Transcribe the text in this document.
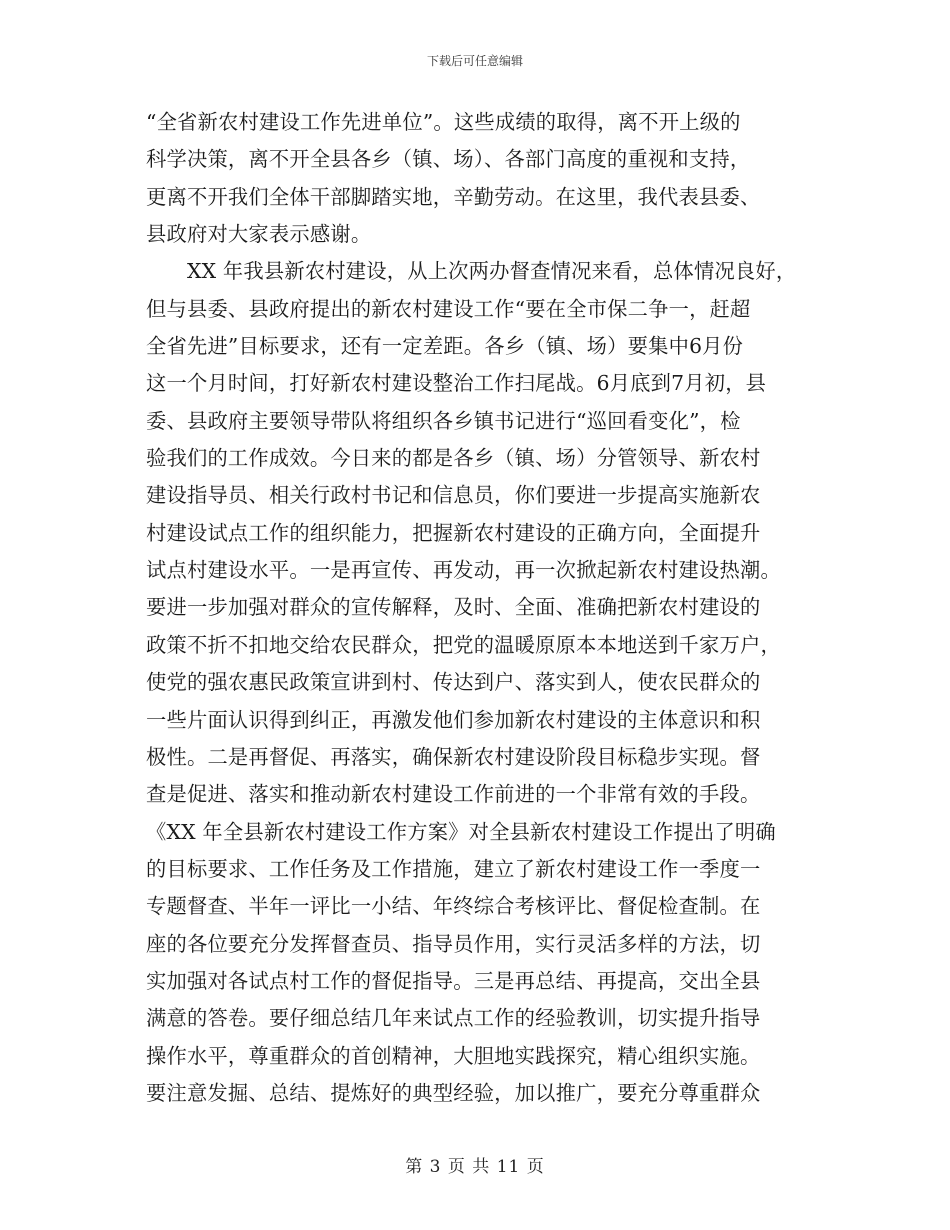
下载后可任意编辑
“全省新农村建设工作先进单位”。这些成绩的取得，离不开上级的
科学决策，离不开全县各乡（镇、场）、各部门高度的重视和支持，
更离不开我们全体干部脚踏实地，辛勤劳动。在这里，我代表县委、
县政府对大家表示感谢。
　　XX 年我县新农村建设，从上次两办督查情况来看，总体情况良好，
但与县委、县政府提出的新农村建设工作“要在全市保二争一，赶超
全省先进”目标要求，还有一定差距。各乡（镇、场）要集中6月份
这一个月时间，打好新农村建设整治工作扫尾战。6月底到7月初，县
委、县政府主要领导带队将组织各乡镇书记进行“巡回看变化”，检
验我们的工作成效。今日来的都是各乡（镇、场）分管领导、新农村
建设指导员、相关行政村书记和信息员，你们要进一步提高实施新农
村建设试点工作的组织能力，把握新农村建设的正确方向，全面提升
试点村建设水平。一是再宣传、再发动，再一次掀起新农村建设热潮。
要进一步加强对群众的宣传解释，及时、全面、准确把新农村建设的
政策不折不扣地交给农民群众，把党的温暖原原本本地送到千家万户，
使党的强农惠民政策宣讲到村、传达到户、落实到人，使农民群众的
一些片面认识得到纠正，再激发他们参加新农村建设的主体意识和积
极性。二是再督促、再落实，确保新农村建设阶段目标稳步实现。督
查是促进、落实和推动新农村建设工作前进的一个非常有效的手段。
《XX 年全县新农村建设工作方案》对全县新农村建设工作提出了明确
的目标要求、工作任务及工作措施，建立了新农村建设工作一季度一
专题督查、半年一评比一小结、年终综合考核评比、督促检查制。在
座的各位要充分发挥督查员、指导员作用，实行灵活多样的方法，切
实加强对各试点村工作的督促指导。三是再总结、再提高，交出全县
满意的答卷。要仔细总结几年来试点工作的经验教训，切实提升指导
操作水平，尊重群众的首创精神，大胆地实践探究，精心组织实施。
要注意发掘、总结、提炼好的典型经验，加以推广，要充分尊重群众
第 3 页 共 11 页
